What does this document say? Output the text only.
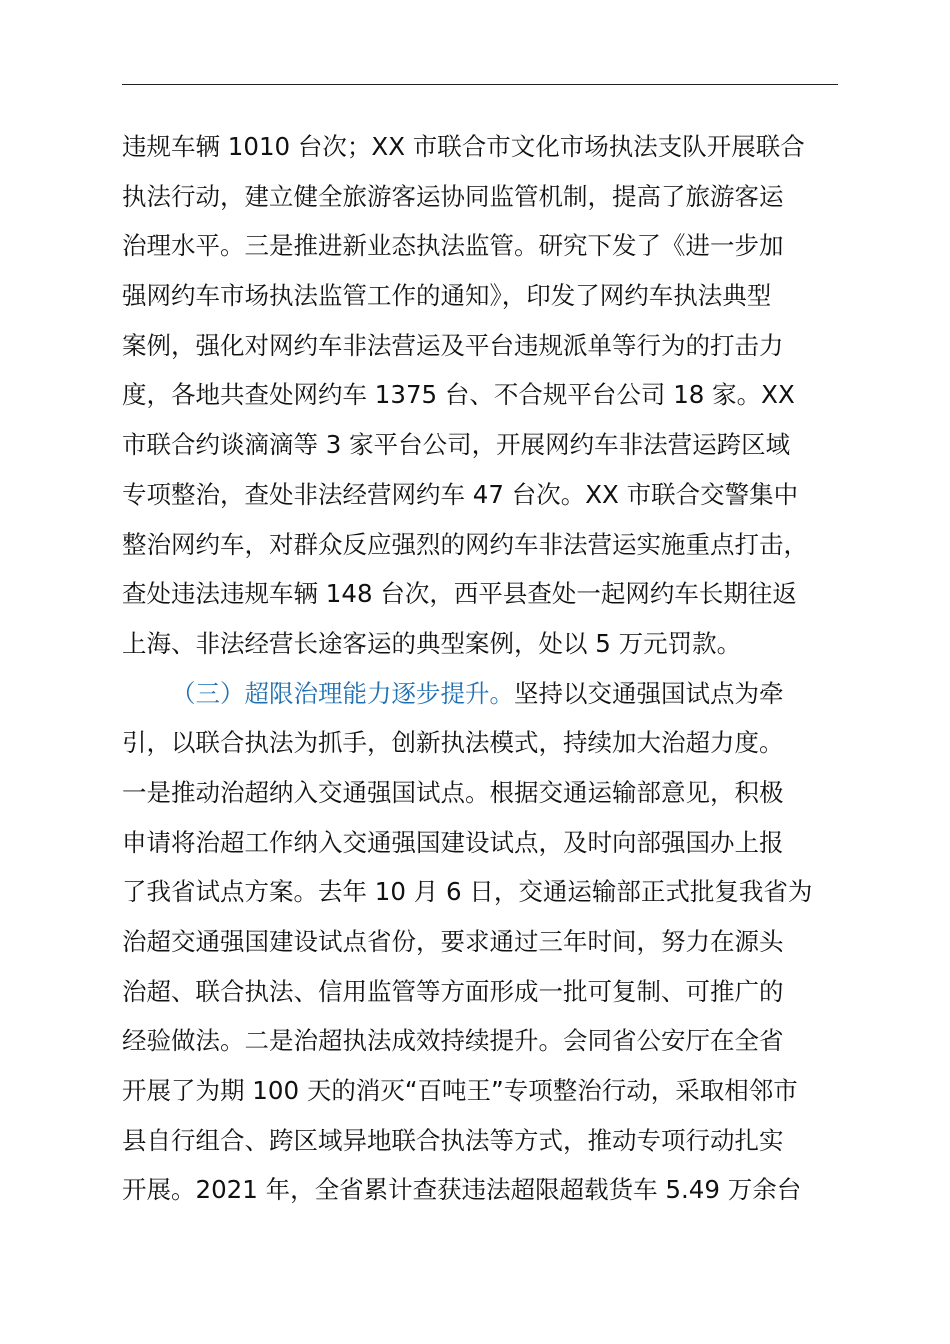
违规车辆 1010 台次；XX 市联合市文化市场执法支队开展联合
执法行动，建立健全旅游客运协同监管机制，提高了旅游客运
治理水平。三是推进新业态执法监管。研究下发了《进一步加
强网约车市场执法监管工作的通知》，印发了网约车执法典型
案例，强化对网约车非法营运及平台违规派单等行为的打击力
度，各地共查处网约车 1375 台、不合规平台公司 18 家。XX
市联合约谈滴滴等 3 家平台公司，开展网约车非法营运跨区域
专项整治，查处非法经营网约车 47 台次。XX 市联合交警集中
整治网约车，对群众反应强烈的网约车非法营运实施重点打击，
查处违法违规车辆 148 台次，西平县查处一起网约车长期往返
上海、非法经营长途客运的典型案例，处以 5 万元罚款。
（三）超限治理能力逐步提升。坚持以交通强国试点为牵
引，以联合执法为抓手，创新执法模式，持续加大治超力度。
一是推动治超纳入交通强国试点。根据交通运输部意见，积极
申请将治超工作纳入交通强国建设试点，及时向部强国办上报
了我省试点方案。去年 10 月 6 日，交通运输部正式批复我省为
治超交通强国建设试点省份，要求通过三年时间，努力在源头
治超、联合执法、信用监管等方面形成一批可复制、可推广的
经验做法。二是治超执法成效持续提升。会同省公安厅在全省
开展了为期 100 天的消灭“百吨王”专项整治行动，采取相邻市
县自行组合、跨区域异地联合执法等方式，推动专项行动扎实
开展。2021 年，全省累计查获违法超限超载货车 5.49 万余台
